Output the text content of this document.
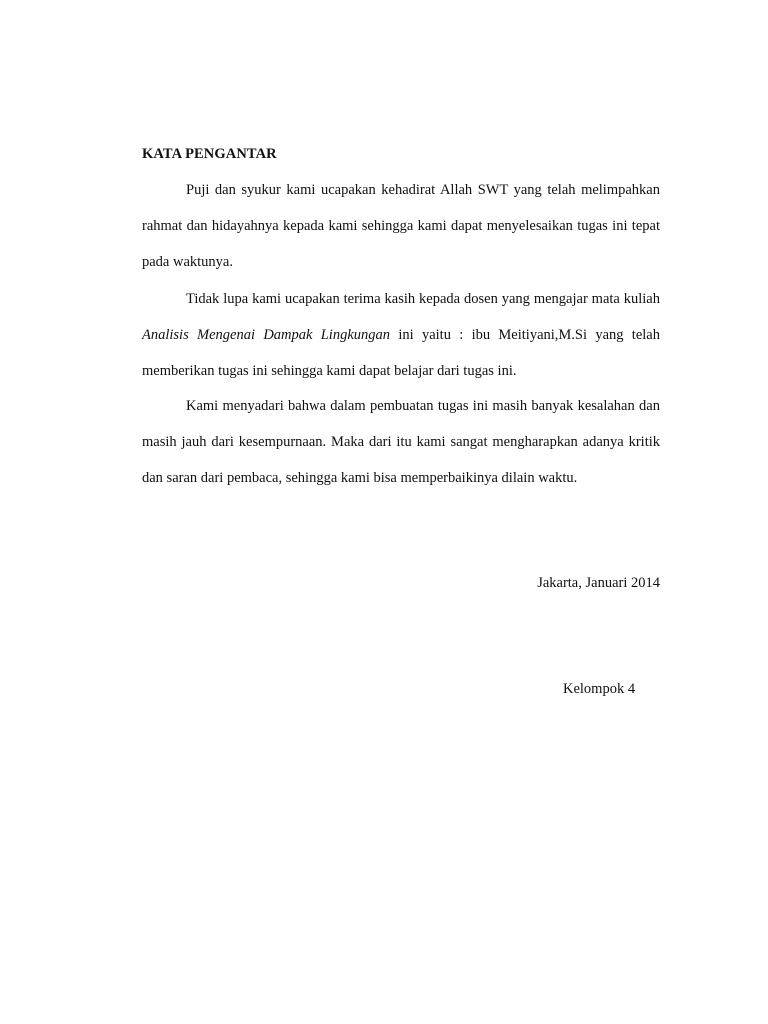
KATA PENGANTAR

Puji dan syukur kami ucapakan kehadirat Allah SWT yang telah melimpahkan rahmat dan hidayahnya kepada kami sehingga kami dapat menyelesaikan tugas ini tepat pada waktunya.

Tidak lupa kami ucapakan terima kasih kepada dosen yang mengajar mata kuliah Analisis Mengenai Dampak Lingkungan ini yaitu : ibu Meitiyani,M.Si yang telah memberikan tugas ini sehingga kami dapat belajar dari tugas ini.

Kami menyadari bahwa dalam pembuatan tugas ini masih banyak kesalahan dan masih jauh dari kesempurnaan. Maka dari itu kami sangat mengharapkan adanya kritik dan saran dari pembaca, sehingga kami bisa memperbaikinya dilain waktu.

Jakarta, Januari 2014
Kelompok 4
